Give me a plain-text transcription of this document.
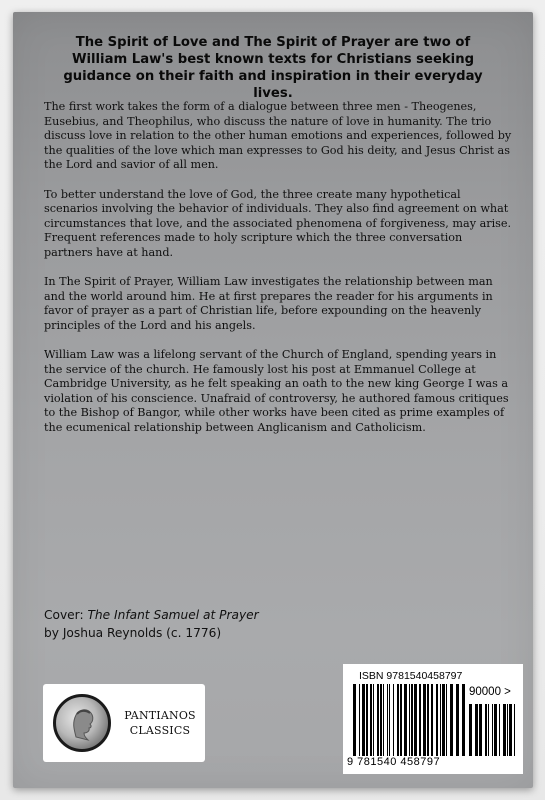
The Spirit of Love and The Spirit of Prayer are two of William Law's best known texts for Christians seeking guidance on their faith and inspiration in their everyday lives.

The first work takes the form of a dialogue between three men - Theogenes, Eusebius, and Theophilus, who discuss the nature of love in humanity. The trio discuss love in relation to the other human emotions and experiences, followed by the qualities of the love which man expresses to God his deity, and Jesus Christ as the Lord and savior of all men.

To better understand the love of God, the three create many hypothetical scenarios involving the behavior of individuals. They also find agreement on what circumstances that love, and the associated phenomena of forgiveness, may arise. Frequent references made to holy scripture which the three conversation partners have at hand.

In The Spirit of Prayer, William Law investigates the relationship between man and the world around him. He at first prepares the reader for his arguments in favor of prayer as a part of Christian life, before expounding on the heavenly principles of the Lord and his angels.

William Law was a lifelong servant of the Church of England, spending years in the service of the church. He famously lost his post at Emmanuel College at Cambridge University, as he felt speaking an oath to the new king George I was a violation of his conscience. Unafraid of controversy, he authored famous critiques to the Bishop of Bangor, while other works have been cited as prime examples of the ecumenical relationship between Anglicanism and Catholicism.

Cover: The Infant Samuel at Prayer
by Joshua Reynolds (c. 1776)
PANTIANOS
CLASSICS
ISBN 9781540458797
90000 >
9 781540 458797
